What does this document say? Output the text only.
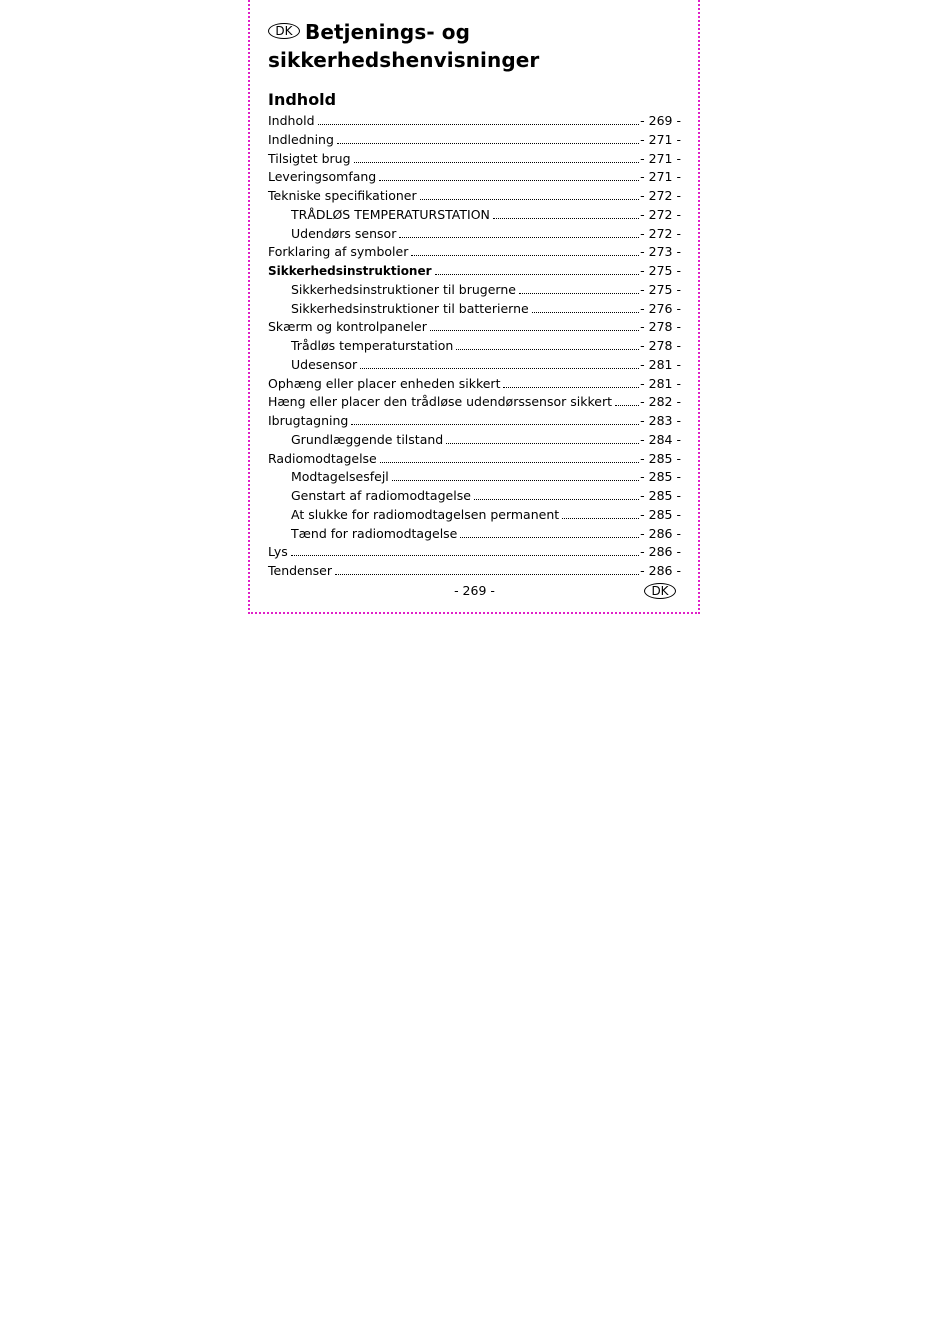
DK Betjenings- og
sikkerhedshenvisninger
Indhold
Indhold	- 269 -
Indledning	- 271 -
Tilsigtet brug	- 271 -
Leveringsomfang	- 271 -
Tekniske specifikationer	- 272 -
TRÅDLØS TEMPERATURSTATION	- 272 -
Udendørs sensor	- 272 -
Forklaring af symboler	- 273 -
Sikkerhedsinstruktioner	- 275 -
Sikkerhedsinstruktioner til brugerne	- 275 -
Sikkerhedsinstruktioner til batterierne	- 276 -
Skærm og kontrolpaneler	- 278 -
Trådløs temperaturstation	- 278 -
Udesensor	- 281 -
Ophæng eller placer enheden sikkert	- 281 -
Hæng eller placer den trådløse udendørssensor sikkert - 282 -
Ibrugtagning	- 283 -
Grundlæggende tilstand	- 284 -
Radiomodtagelse	- 285 -
Modtagelsesfejl	- 285 -
Genstart af radiomodtagelse	- 285 -
At slukke for radiomodtagelsen permanent	- 285 -
Tænd for radiomodtagelse	- 286 -
Lys	- 286 -
Tendenser	- 286 -
- 269 -	DK
